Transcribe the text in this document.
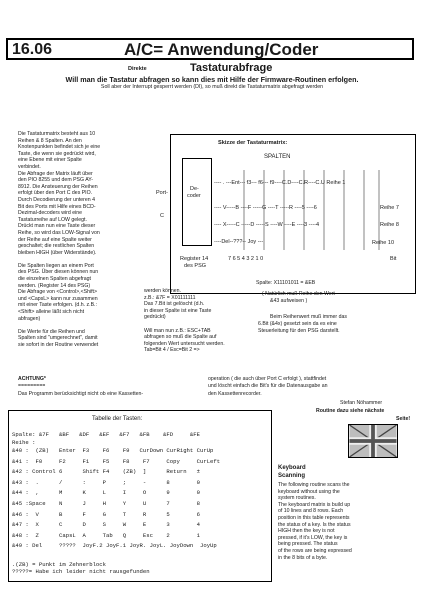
16.06	A/C= Anwendung/Coder
Direkte	Tastaturabfrage
Will man die Tastatur abfragen so kann dies mit Hilfe der Firmware-Routinen erfolgen.
Soll aber der Interrupt gesperrt werden (DI), so muß direkt die Tastaturmatrix abgefragt werden

Die Tastaturmatrix besteht aus 10

Reihen & 8 Spalten. An den

Knotenpunkten befindet sich je eine

Taste, die wenn sie gedrückt wird,

eine Ebene mit einer Spalte

verbindet.

Die Abfrage der Matrix läuft über

den PIO 8255 und dem PSG AY-

8912. Die Ansteuerung der Reihen

erfolgt über den Port C des PIO.

Durch Decodierung der unteren 4

Bit des Ports mit Hilfe eines BCD-

Dezimal-decoders wird eine

Tastaturreihe auf LOW gelegt.

Drückt man nun eine Taste dieser

Reihe, so wird das LOW-Signal von

der Reihe auf eine Spalte weiter

geschaltet; die restlichen Spalten

bleiben HIGH (über Widerstände).

Die Spalten liegen an einem Port

des PSG. Über diesen können nun

die einzelnen Spalten abgefragt

werden. (Register 14 des PSG)

Die Abfrage von <Control>,<Shift>

und <CapsL> kann nur zusammen

mit einer Taste erfolgen. (d.h. z.B.:

<Shift> alleine läßt sich nicht

abfragen)

Die Werte für die Reihen und

Spalten sind "umgerechnet", damit

sie sofort in der Routine verwendet

Skizze der Tastaturmatrix:
SPALTEN
De-
coder
Port-
C
---- . ---Ent--- f3--- f6--- f9----C.D----C.R----C.U Reihe 1
---- V-----B ----F -----G ----T -----R ----5 ----6	Reihe 7
---- X-----C -----D -----S ----W ----E ----3 ----4	Reihe 8
----Del--???-- Joy ---	Reihe 10
Register 14
des PSG
7 6 5 4 3 2 1 0	Bit
Spalte: X11101011 = &EB
( Natürlich muß Reihe den Wert
&43 aufweisen )
Beim Reihenwert muß immer das
6.Bit (&4x) gesetzt sein da es eine
Steuerleitung für den PSG darstellt.

werden können.

z.B.: &7F = X01111111

Das 7.Bit ist gelöscht (d.h.

in dieser Spalte ist eine Taste

gedrückt)

Will man nun z.B.: ESC+TAB

abfragen so muß die Spalte auf

folgenden Wert untersucht werden.

Tab=Bit 4 / Esc=Bit 2 =>

ACHTUNG*
=========
Das Programm berücksichtigt nicht ob eine Kassetten-
operation ( die auch über Port C erfolgt ), stattfindet
und löscht einfach die Bit's für die Datenausgabe an
den Kassettenrecorder.
Stefan Nöhammer
Routine dazu siehe nächste
Seite!
Tabelle der Tasten:
Spalte: &7F   &BF   &DF   &EF   &F7   &FB    &FD     &FE
Reihe :
&40 :  (ZB)   Enter  F3    F6    F9   CurDown CurRight CurUp
&41 :  F0     F2     F1    F5    F8    F7     Copy     CurLeft
&42 : Control 6      Shift F4    (ZB)  ]      Return   ±
&43 :  .      /      :     P     ;     -      8        0
&44 :  ,      M      K     L     I     O      9        0
&45 :Space    N      J     H     Y     U      7        8
&46 :  V      B      F     G     T     R      5        6
&47 :  X      C      D     S     W     E      3        4
&48 :  Z      CapsL  A     Tab   Q     Esc    2        1
&49 : Del     ?????  JoyF.2 JoyF.1 JoyR. JoyL. JoyDown  JoyUp
.(ZB) = Punkt im Zehnerblock
?????= Habe ich leider nicht rausgefunden
Keyboard
Scanning

The following routine scans the

keyboard without using the

system routines.

The keyboard matrix is build up

of 10 lines and 8 rows. Each

position in this table represents

the status of a key. Is the status

HIGH then the key is not

pressed, if it's LOW, the key is

being pressed. The status

of the rows are being expressed

in the 8 bits of a byte.
